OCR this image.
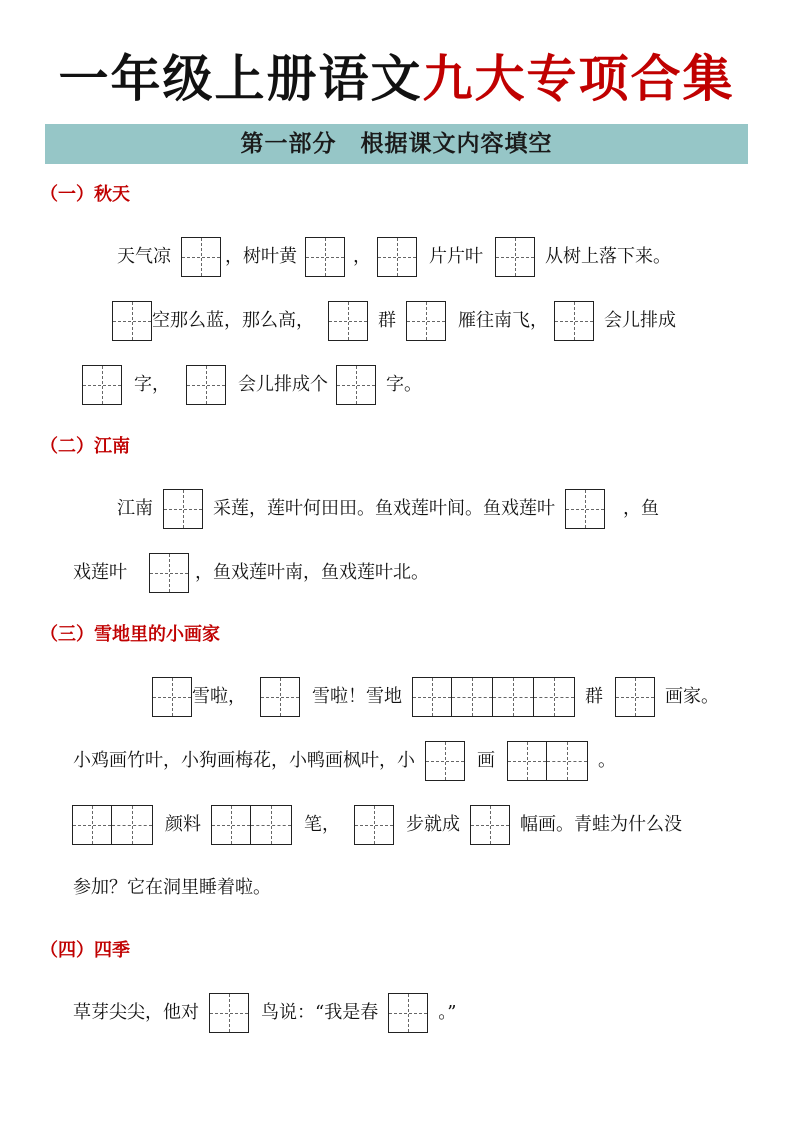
一年级上册语文九大专项合集
第一部分　根据课文内容填空
（一）秋天
天气凉	，树叶黄	，	片片叶	从树上落下来。
空那么蓝，那么高，	群	雁往南飞，	会儿排成
字，	会儿排成个	字。
（二）江南
江南	采莲，莲叶何田田。鱼戏莲叶间。鱼戏莲叶	，鱼
戏莲叶	，鱼戏莲叶南，鱼戏莲叶北。
（三）雪地里的小画家
雪啦，	雪啦！雪地	群	画家。
小鸡画竹叶，小狗画梅花，小鸭画枫叶，小	画	。
颜料	笔，	步就成	幅画。青蛙为什么没
参加？它在洞里睡着啦。
（四）四季
草芽尖尖，他对	鸟说：“我是春	。”
